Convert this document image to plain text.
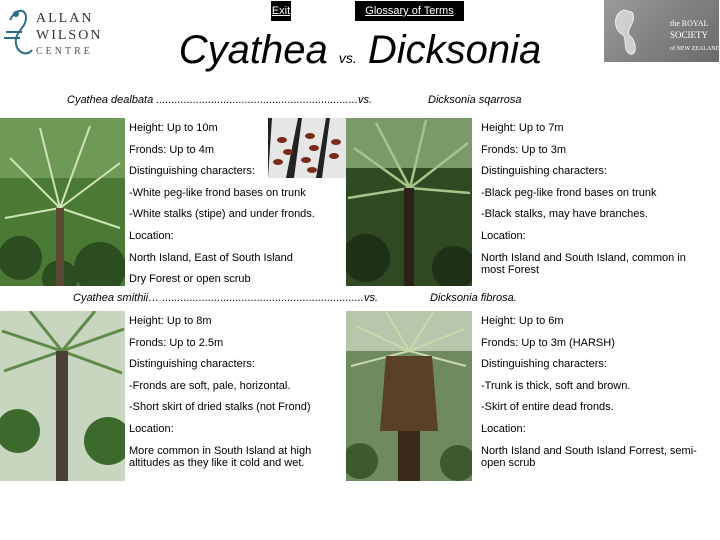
Exit	Glossary of Terms
ALLAN
WILSON
CENTRE
the ROYAL
SOCIETY
of NEW ZEALAND
Cyathea vs. Dicksonia
Cyathea dealbata ..................................................................vs.	Dicksonia sqarrosa
Height: Up to 10m
Fronds: Up to 4m
Distinguishing characters:
-White peg-like frond bases on trunk
-White stalks (stipe) and under fronds.
Location:
North Island, East of South Island
Dry Forest or open scrub
Height: Up to 7m
Fronds: Up to 3m
Distinguishing characters:
-Black peg-like frond bases on trunk
-Black stalks, may have branches.
Location:
North Island and South Island, common in most Forest
Cyathea smithii… ..................................................................vs.	Dicksonia fibrosa.
Height: Up to 8m
Fronds: Up to 2.5m
Distinguishing characters:
-Fronds are soft, pale, horizontal.
-Short skirt of dried stalks (not Frond)
Location:
More common in South Island at high altitudes as they like it cold and wet.
Height: Up to 6m
Fronds: Up to 3m (HARSH)
Distinguishing characters:
-Trunk is thick, soft and brown.
-Skirt of entire dead fronds.
Location:
North Island and South Island Forrest, semi-open scrub
